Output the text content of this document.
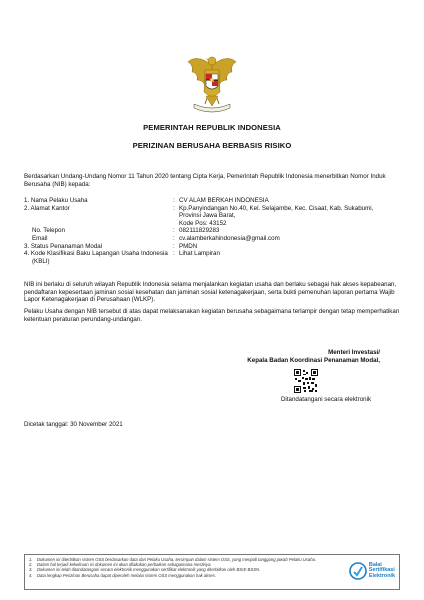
PEMERINTAH REPUBLIK INDONESIA
PERIZINAN BERUSAHA BERBASIS RISIKO
Berdasarkan Undang-Undang Nomor 11 Tahun 2020 tentang Cipta Kerja, Pemerintah Republik Indonesia menerbitkan Nomor Induk Berusaha (NIB) kepada:
1. Nama Pelaku Usaha	: CV ALAM BERKAH INDONESIA
2. Alamat Kantor	: Kp.Panyindangan No.40, Kel. Selajambe, Kec. Cisaat, Kab. Sukabumi,
Provinsi Jawa Barat,
Kode Pos: 43152
No. Telepon	: 082111829283
Email	: cv.alamberkahindonesia@gmail.com
3. Status Penanaman Modal	: PMDN
4. Kode Klasifikasi Baku Lapangan Usaha Indonesia : Lihat Lampiran
(KBLI)
NIB ini berlaku di seluruh wilayah Republik Indonesia selama menjalankan kegiatan usaha dan berlaku sebagai hak akses kepabeanan, pendaftaran kepesertaan jaminan sosial kesehatan dan jaminan sosial ketenagakerjaan, serta bukti pemenuhan laporan pertama Wajib Lapor Ketenagakerjaan di Perusahaan (WLKP).
Pelaku Usaha dengan NIB tersebut di atas dapat melaksanakan kegiatan berusaha sebagaimana terlampir dengan tetap memperhatikan ketentuan peraturan perundang-undangan.
Menteri Investasi/
Kepala Badan Koordinasi Penanaman Modal,
Ditandatangani secara elektronik
Dicetak tanggal: 30 November 2021
1.	Dokumen ini diterbitkan sistem OSS berdasarkan data dari Pelaku Usaha, tersimpan dalam sistem OSS, yang menjadi tanggung jawab Pelaku Usaha.
2.	Dalam hal terjadi kekeliruan isi dokumen ini akan dilakukan perbaikan sebagaimana mestinya.
3.	Dokumen ini telah ditandatangani secara elektronik menggunakan sertifikat elektronik yang diterbitkan oleh BSrE-BSSN.
4.	Data lengkap Perizinan Berusaha dapat diperoleh melalui sistem OSS menggunakan hak akses.
Balai
Sertifikasi
Elektronik
